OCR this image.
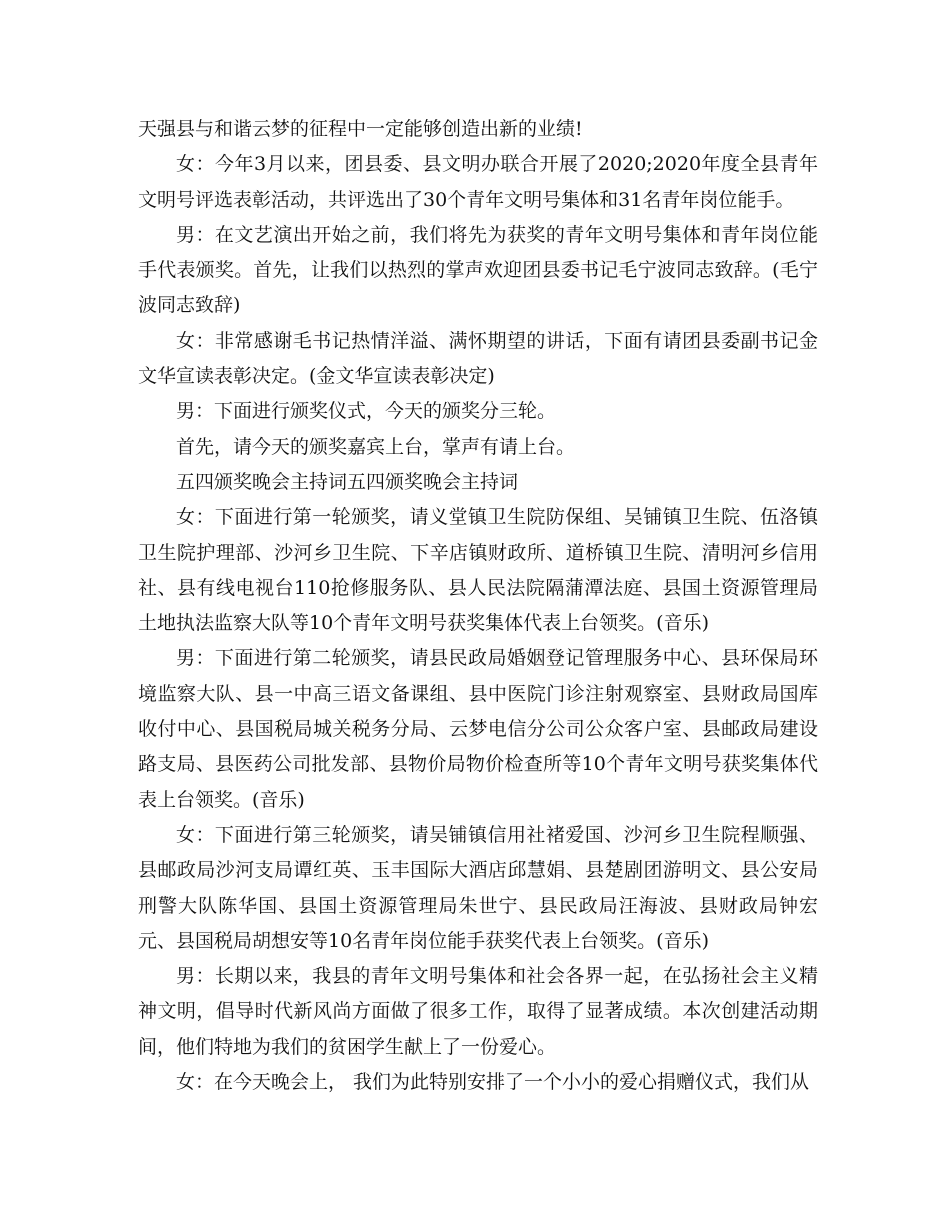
天强县与和谐云梦的征程中一定能够创造出新的业绩!

女：今年3月以来，团县委、县文明办联合开展了2020;2020年度全县青年文明号评选表彰活动，共评选出了30个青年文明号集体和31名青年岗位能手。

男：在文艺演出开始之前，我们将先为获奖的青年文明号集体和青年岗位能手代表颁奖。首先，让我们以热烈的掌声欢迎团县委书记毛宁波同志致辞。(毛宁波同志致辞)

女：非常感谢毛书记热情洋溢、满怀期望的讲话，下面有请团县委副书记金文华宣读表彰决定。(金文华宣读表彰决定)

男：下面进行颁奖仪式，今天的颁奖分三轮。

首先，请今天的颁奖嘉宾上台，掌声有请上台。

五四颁奖晚会主持词五四颁奖晚会主持词

女：下面进行第一轮颁奖，请义堂镇卫生院防保组、吴铺镇卫生院、伍洛镇卫生院护理部、沙河乡卫生院、下辛店镇财政所、道桥镇卫生院、清明河乡信用社、县有线电视台110抢修服务队、县人民法院隔蒲潭法庭、县国土资源管理局土地执法监察大队等10个青年文明号获奖集体代表上台领奖。(音乐)

男：下面进行第二轮颁奖，请县民政局婚姻登记管理服务中心、县环保局环境监察大队、县一中高三语文备课组、县中医院门诊注射观察室、县财政局国库收付中心、县国税局城关税务分局、云梦电信分公司公众客户室、县邮政局建设路支局、县医药公司批发部、县物价局物价检查所等10个青年文明号获奖集体代表上台领奖。(音乐)

女：下面进行第三轮颁奖，请吴铺镇信用社褚爱国、沙河乡卫生院程顺强、县邮政局沙河支局谭红英、玉丰国际大酒店邱慧娟、县楚剧团游明文、县公安局刑警大队陈华国、县国土资源管理局朱世宁、县民政局汪海波、县财政局钟宏元、县国税局胡想安等10名青年岗位能手获奖代表上台领奖。(音乐)

男：长期以来，我县的青年文明号集体和社会各界一起，在弘扬社会主义精神文明，倡导时代新风尚方面做了很多工作，取得了显著成绩。本次创建活动期间，他们特地为我们的贫困学生献上了一份爱心。

女：在今天晚会上， 我们为此特别安排了一个小小的爱心捐赠仪式，我们从
